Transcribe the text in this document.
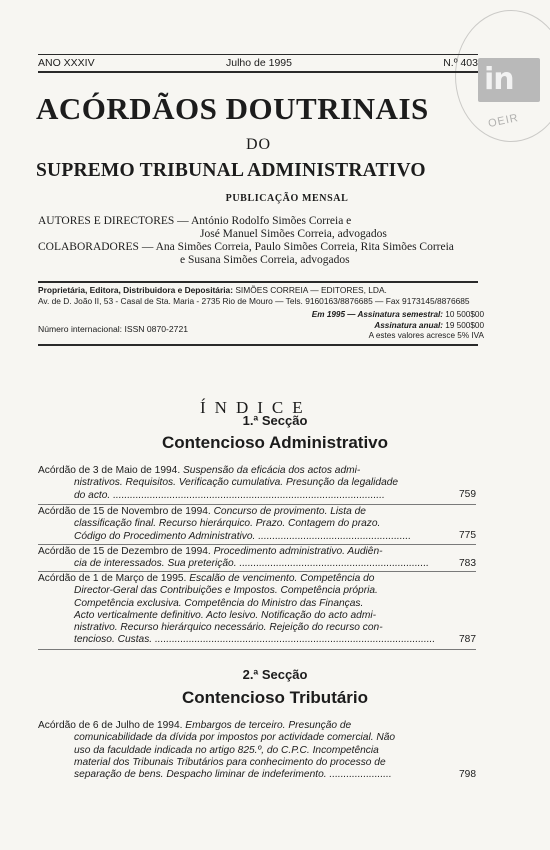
OEIR
in
ANO XXXIV	Julho de 1995	N.º 403
ACÓRDÃOS DOUTRINAIS
DO
SUPREMO TRIBUNAL ADMINISTRATIVO
PUBLICAÇÃO MENSAL
AUTORES E DIRECTORES — António Rodolfo Simões Correia e
José Manuel Simões Correia, advogados
COLABORADORES — Ana Simões Correia, Paulo Simões Correia, Rita Simões Correia
e Susana Simões Correia, advogados
Proprietária, Editora, Distribuidora e Depositária: SIMÕES CORREIA — EDITORES, LDA.
Av. de D. João II, 53 - Casal de Sta. Maria - 2735 Rio de Mouro — Tels. 9160163/8876685 — Fax 9173145/8876685
Em 1995 — Assinatura semestral: 10 500$00
Assinatura anual: 19 500$00
A estes valores acresce 5% IVA
Número internacional: ISSN 0870-2721
ÍNDICE
1.ª Secção
Contencioso Administrativo
Acórdão de 3 de Maio de 1994. Suspensão da eficácia dos actos admi-
nistrativos. Requisitos. Verificação cumulativa. Presunção da legalidade
do acto. ................................................................................................	759
Acórdão de 15 de Novembro de 1994. Concurso de provimento. Lista de
classificação final. Recurso hierárquico. Prazo. Contagem do prazo.
Código do Procedimento Administrativo. ......................................................	775
Acórdão de 15 de Dezembro de 1994. Procedimento administrativo. Audiên-
cia de interessados. Sua preterição. ...................................................................	783
Acórdão de 1 de Março de 1995. Escalão de vencimento. Competência do
Director-Geral das Contribuições e Impostos. Competência própria.
Competência exclusiva. Competência do Ministro das Finanças.
Acto verticalmente definitivo. Acto lesivo. Notificação do acto admi-
nistrativo. Recurso hierárquico necessário. Rejeição do recurso con-
tencioso. Custas. ...................................................................................................	787
2.ª Secção
Contencioso Tributário
Acórdão de 6 de Julho de 1994. Embargos de terceiro. Presunção de
comunicabilidade da dívida por impostos por actividade comercial. Não
uso da faculdade indicada no artigo 825.º, do C.P.C. Incompetência
material dos Tribunais Tributários para conhecimento do processo de
separação de bens. Despacho liminar de indeferimento. ......................	798
